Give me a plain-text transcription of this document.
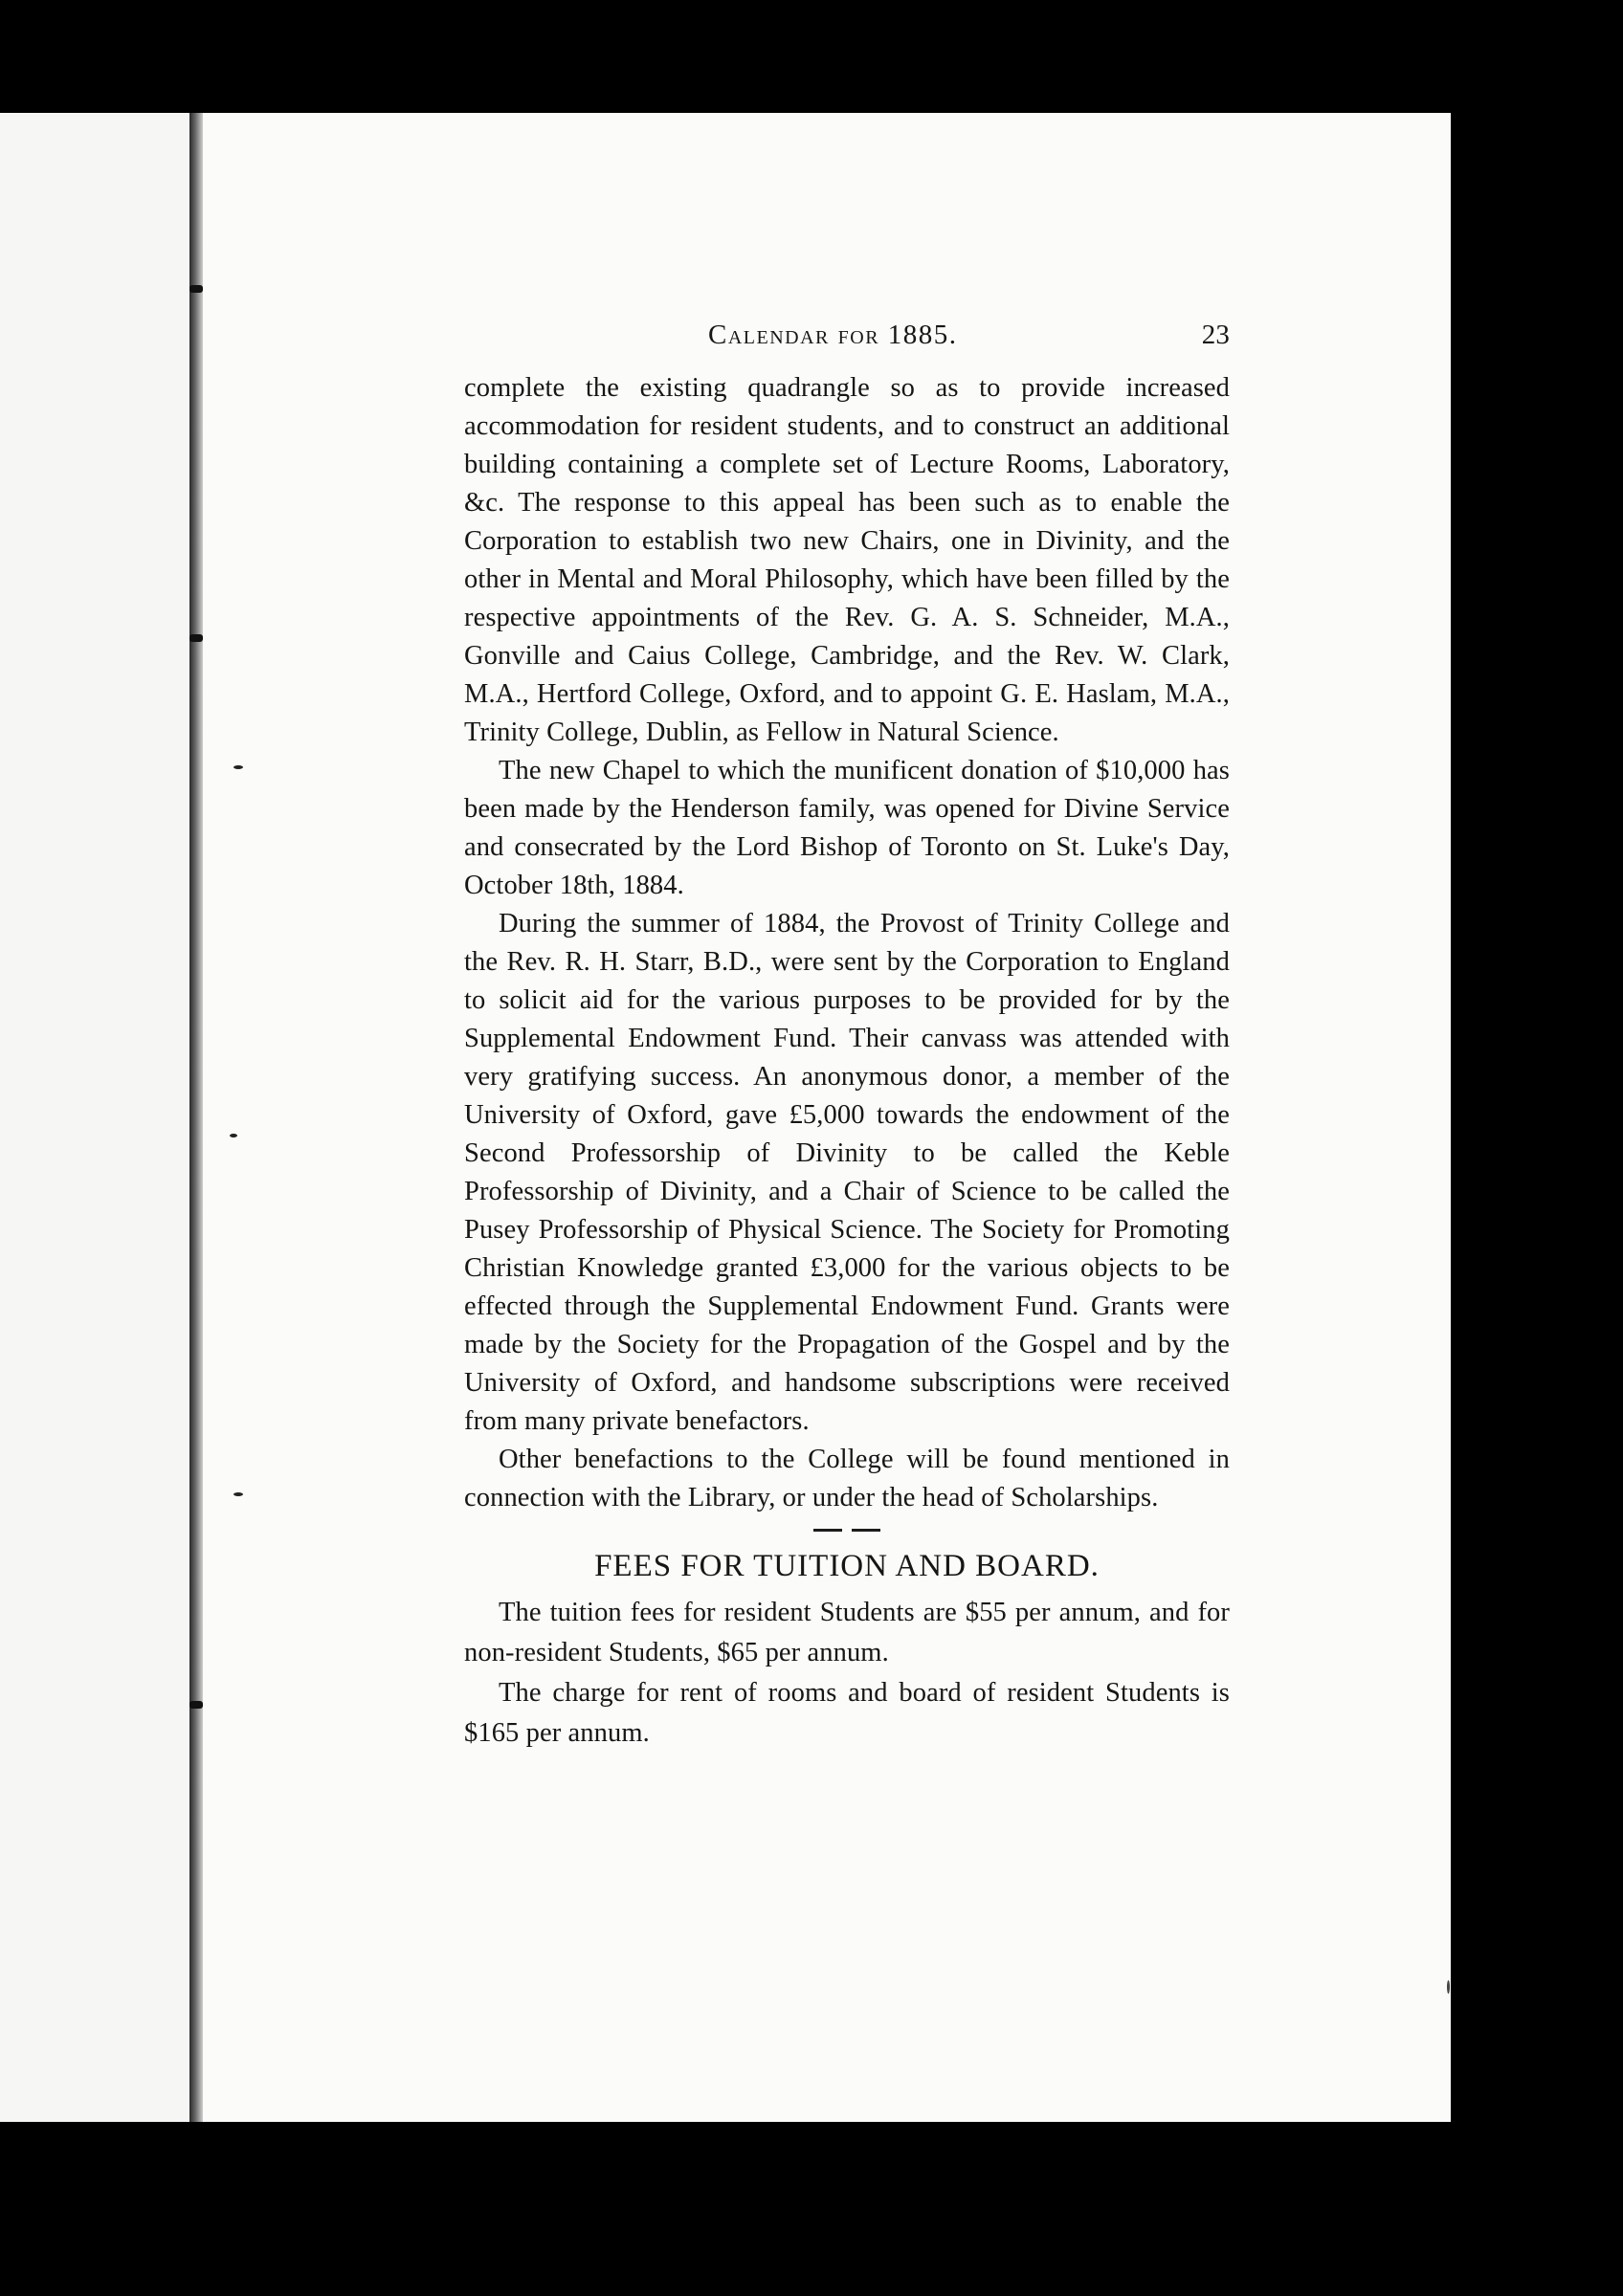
Calendar for 1885.	23

complete the existing quadrangle so as to provide increased accommodation for resident students, and to construct an additional building containing a complete set of Lecture Rooms, Laboratory, &c. The response to this appeal has been such as to enable the Corporation to establish two new Chairs, one in Divinity, and the other in Mental and Moral Philosophy, which have been filled by the respective appointments of the Rev. G. A. S. Schneider, M.A., Gonville and Caius College, Cambridge, and the Rev. W. Clark, M.A., Hertford College, Oxford, and to appoint G. E. Haslam, M.A., Trinity College, Dublin, as Fellow in Natural Science.

The new Chapel to which the munificent donation of $10,000 has been made by the Henderson family, was opened for Divine Service and consecrated by the Lord Bishop of Toronto on St. Luke's Day, October 18th, 1884.

During the summer of 1884, the Provost of Trinity College and the Rev. R. H. Starr, B.D., were sent by the Corporation to England to solicit aid for the various purposes to be provided for by the Supplemental Endowment Fund. Their canvass was attended with very gratifying success. An anonymous donor, a member of the University of Oxford, gave £5,000 towards the endowment of the Second Professorship of Divinity to be called the Keble Professorship of Divinity, and a Chair of Science to be called the Pusey Professorship of Physical Science. The Society for Promoting Christian Knowledge granted £3,000 for the various objects to be effected through the Supplemental Endowment Fund. Grants were made by the Society for the Propagation of the Gospel and by the University of Oxford, and handsome subscriptions were received from many private benefactors.

Other benefactions to the College will be found mentioned in connection with the Library, or under the head of Scholarships.

FEES FOR TUITION AND BOARD.

The tuition fees for resident Students are $55 per annum, and for non-resident Students, $65 per annum.

The charge for rent of rooms and board of resident Students is $165 per annum.
